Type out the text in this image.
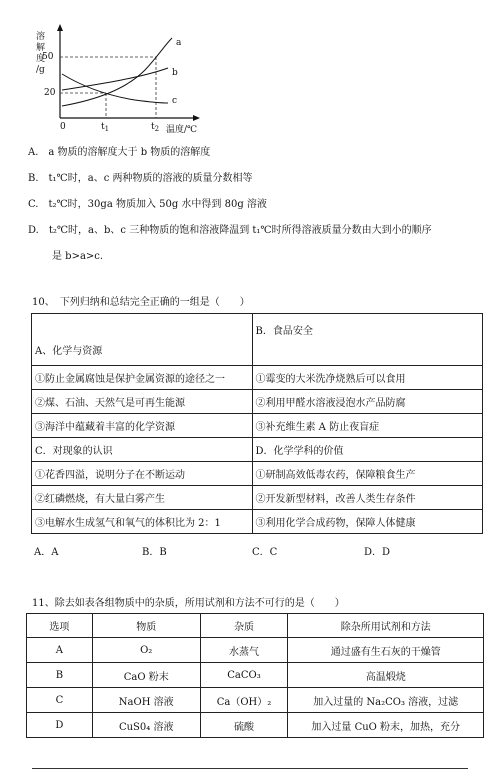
溶
解
度
/g
50
20
0	$t_1$	$t_2$ 温度/℃
a
b
c
A.　a 物质的溶解度大于 b 物质的溶解度
B.　t₁℃时，a、c 两种物质的溶液的质量分数相等
C.　t₂℃时，30ga 物质加入 50g 水中得到 80g 溶液
D.　t₂℃时，a、b、c 三种物质的饱和溶液降温到 t₁℃时所得溶液质量分数由大到小的顺序
是 b>a>c.
10、　下列归纳和总结完全正确的一组是（　　）
A、化学与资源	B．食品安全
①防止金属腐蚀是保护金属资源的途径之一	①霉变的大米洗净烧熟后可以食用
②煤、石油、天然气是可再生能源	②利用甲醛水溶液浸泡水产品防腐
③海洋中蕴藏着丰富的化学资源	③补充维生素 A 防止夜盲症
C．对现象的认识	D．化学学科的价值
①花香四溢，说明分子在不断运动	①研制高效低毒农药，保障粮食生产
②红磷燃烧，有大量白雾产生	②开发新型材料，改善人类生存条件
③电解水生成氢气和氧气的体积比为 2：1	③利用化学合成药物，保障人体健康
A．A	B．B	C．C	D．D
11、除去如表各组物质中的杂质，所用试剂和方法不可行的是（　　）
选项	物质	杂质	除杂所用试剂和方法
A	O₂	水蒸气	通过盛有生石灰的干燥管
B	CaO 粉末	CaCO₃	高温煅烧
C	NaOH 溶液	Ca（OH）₂	加入过量的 Na₂CO₃ 溶液，过滤
D	CuS0₄ 溶液	硫酸	加入过量 CuO 粉末，加热，充分
